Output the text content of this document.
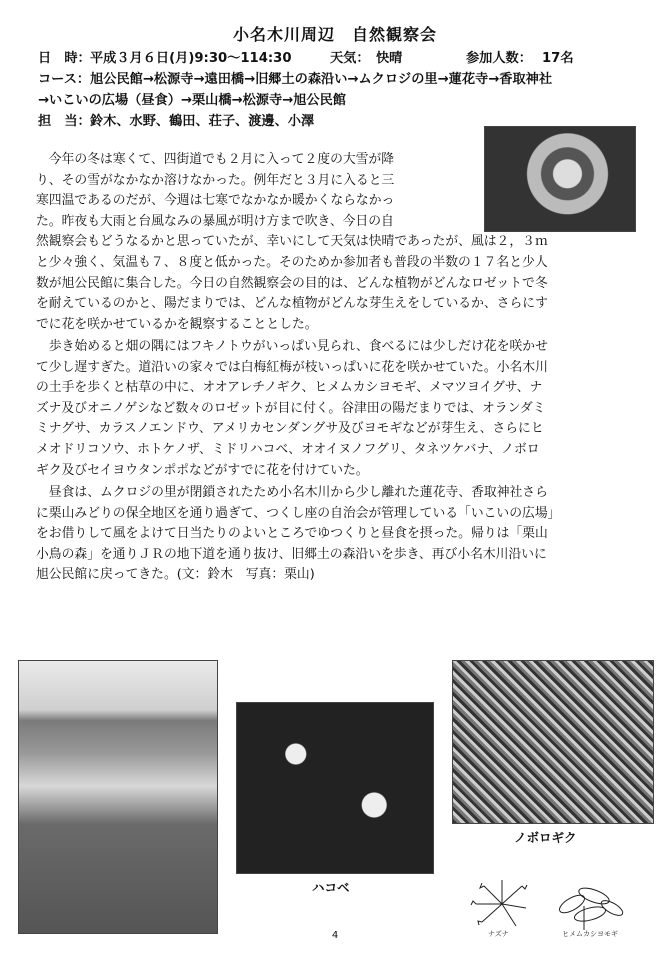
小名木川周辺　自然観察会
日　時：平成３月６日(月)9:30～114:30	天気： 快晴	参加人数： 17名
コース：旭公民館→松源寺→遠田橋→旧郷土の森沿い→ムクロジの里→蓮花寺→香取神社
→いこいの広場（昼食）→栗山橋→松源寺→旭公民館
担　当：鈴木、水野、鶴田、荘子、渡邊、小澤
　今年の冬は寒くて、四街道でも２月に入って２度の大雪が降
り、その雪がなかなか溶けなかった。例年だと３月に入ると三
寒四温であるのだが、今週は七寒でなかなか暖かくならなかっ
た。昨夜も大雨と台風なみの暴風が明け方まで吹き、今日の自
然観察会もどうなるかと思っていたが、幸いにして天気は快晴であったが、風は２，３ｍ
と少々強く、気温も７、８度と低かった。そのためか参加者も普段の半数の１７名と少人
数が旭公民館に集合した。今日の自然観察会の目的は、どんな植物がどんなロゼットで冬
を耐えているのかと、陽だまりでは、どんな植物がどんな芽生えをしているか、さらにす
でに花を咲かせているかを観察することとした。
　歩き始めると畑の隅にはフキノトウがいっぱい見られ、食べるには少しだけ花を咲かせ
て少し遅すぎた。道沿いの家々では白梅紅梅が枝いっぱいに花を咲かせていた。小名木川
の土手を歩くと枯草の中に、オオアレチノギク、ヒメムカシヨモギ、メマツヨイグサ、ナ
ズナ及びオニノゲシなど数々のロゼットが目に付く。谷津田の陽だまりでは、オランダミ
ミナグサ、カラスノエンドウ、アメリカセンダングサ及びヨモギなどが芽生え、さらにヒ
メオドリコソウ、ホトケノザ、ミドリハコベ、オオイヌノフグリ、タネツケバナ、ノボロ
ギク及びセイヨウタンポポなどがすでに花を付けていた。
　昼食は、ムクロジの里が閉鎖されたため小名木川から少し離れた蓮花寺、香取神社さら
に栗山みどりの保全地区を通り過ぎて、つくし座の自治会が管理している「いこいの広場」
をお借りして風をよけて日当たりのよいところでゆつくりと昼食を摂った。帰りは「栗山
小鳥の森」を通りＪＲの地下道を通り抜け、旧郷土の森沿いを歩き、再び小名木川沿いに
旭公民館に戻ってきた。(文：鈴木　写真：栗山)
ハコベ
ノボロギク
ナズナ	ヒメムカシヨモギ
4
